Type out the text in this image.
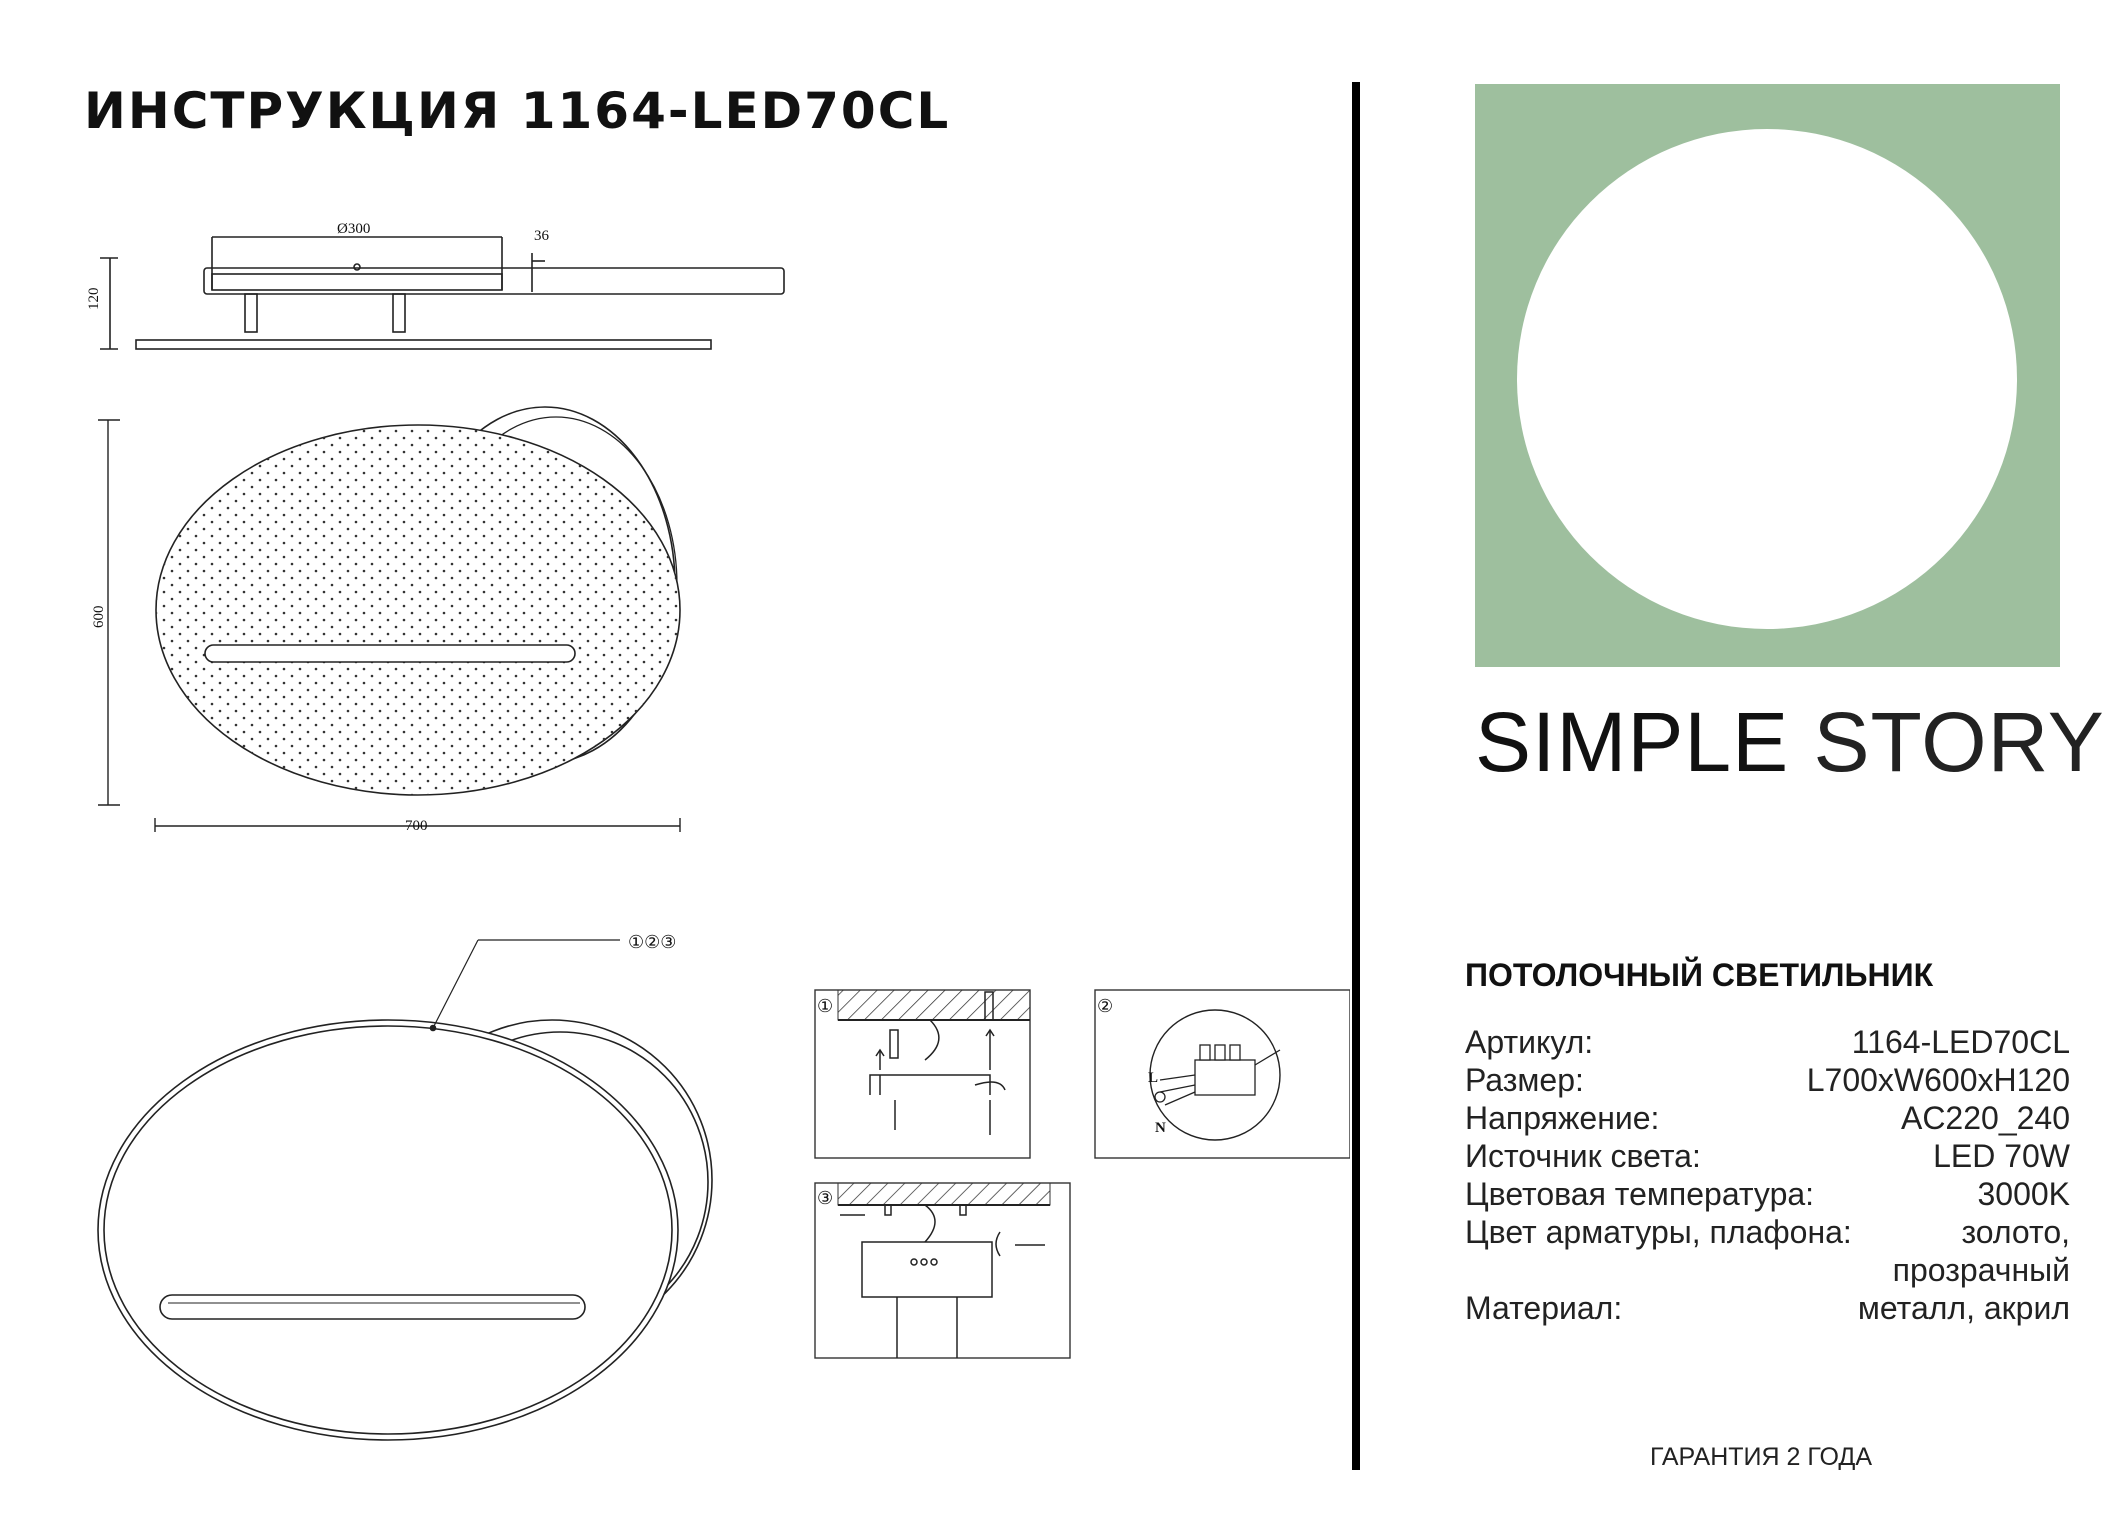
ИНСТРУКЦИЯ 1164-LED70CL
SIMPLE STORY
ПОТОЛОЧНЫЙ СВЕТИЛЬНИК
Артикул:	1164-LED70CL
Размер:	L700xW600xH120
Напряжение:	AC220_240
Источник света:	LED 70W
Цветовая температура:	3000K
Цвет арматуры, плафона:	золото,
прозрачный
Материал:	металл, акрил
ГАРАНТИЯ 2 ГОДА
Ø300	36
120
600
700
①②③
①	②
L
N
③
